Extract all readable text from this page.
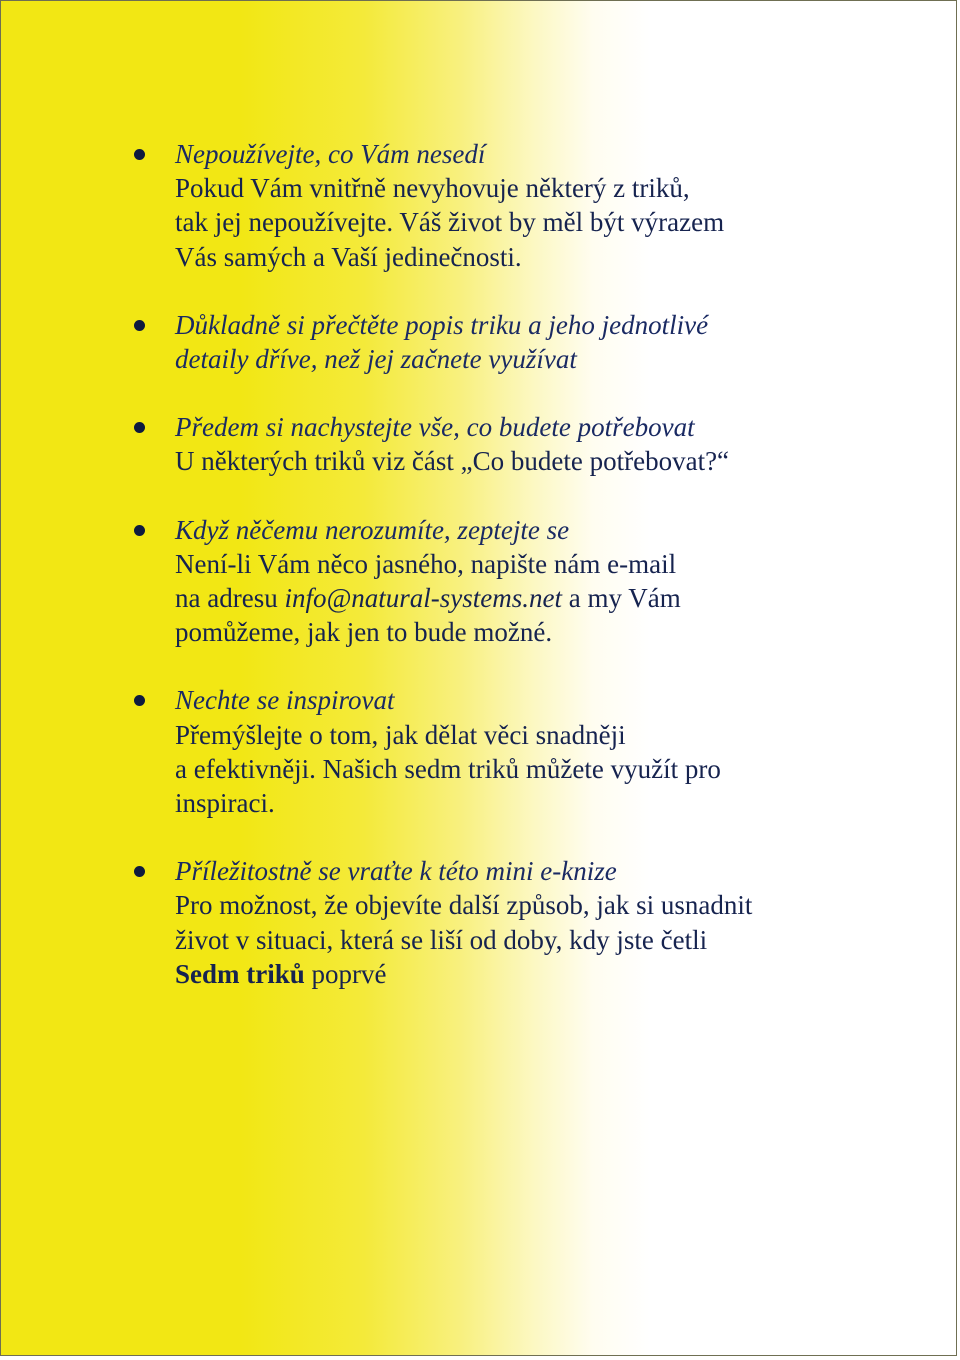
Nepoužívejte, co Vám nesedí
Pokud Vám vnitřně nevyhovuje některý z triků,
tak jej nepoužívejte. Váš život by měl být výrazem
Vás samých a Vaší jedinečnosti.
Důkladně si přečtěte popis triku a jeho jednotlivé
detaily dříve, než jej začnete využívat
Předem si nachystejte vše, co budete potřebovat
U některých triků viz část „Co budete potřebovat?“
Když něčemu nerozumíte, zeptejte se
Není-li Vám něco jasného, napište nám e-mail
na adresu info@natural-systems.net a my Vám
pomůžeme, jak jen to bude možné.
Nechte se inspirovat
Přemýšlejte o tom, jak dělat věci snadněji
a efektivněji. Našich sedm triků můžete využít pro
inspiraci.
Příležitostně se vraťte k této mini e-knize
Pro možnost, že objevíte další způsob, jak si usnadnit
život v situaci, která se liší od doby, kdy jste četli
Sedm triků poprvé
